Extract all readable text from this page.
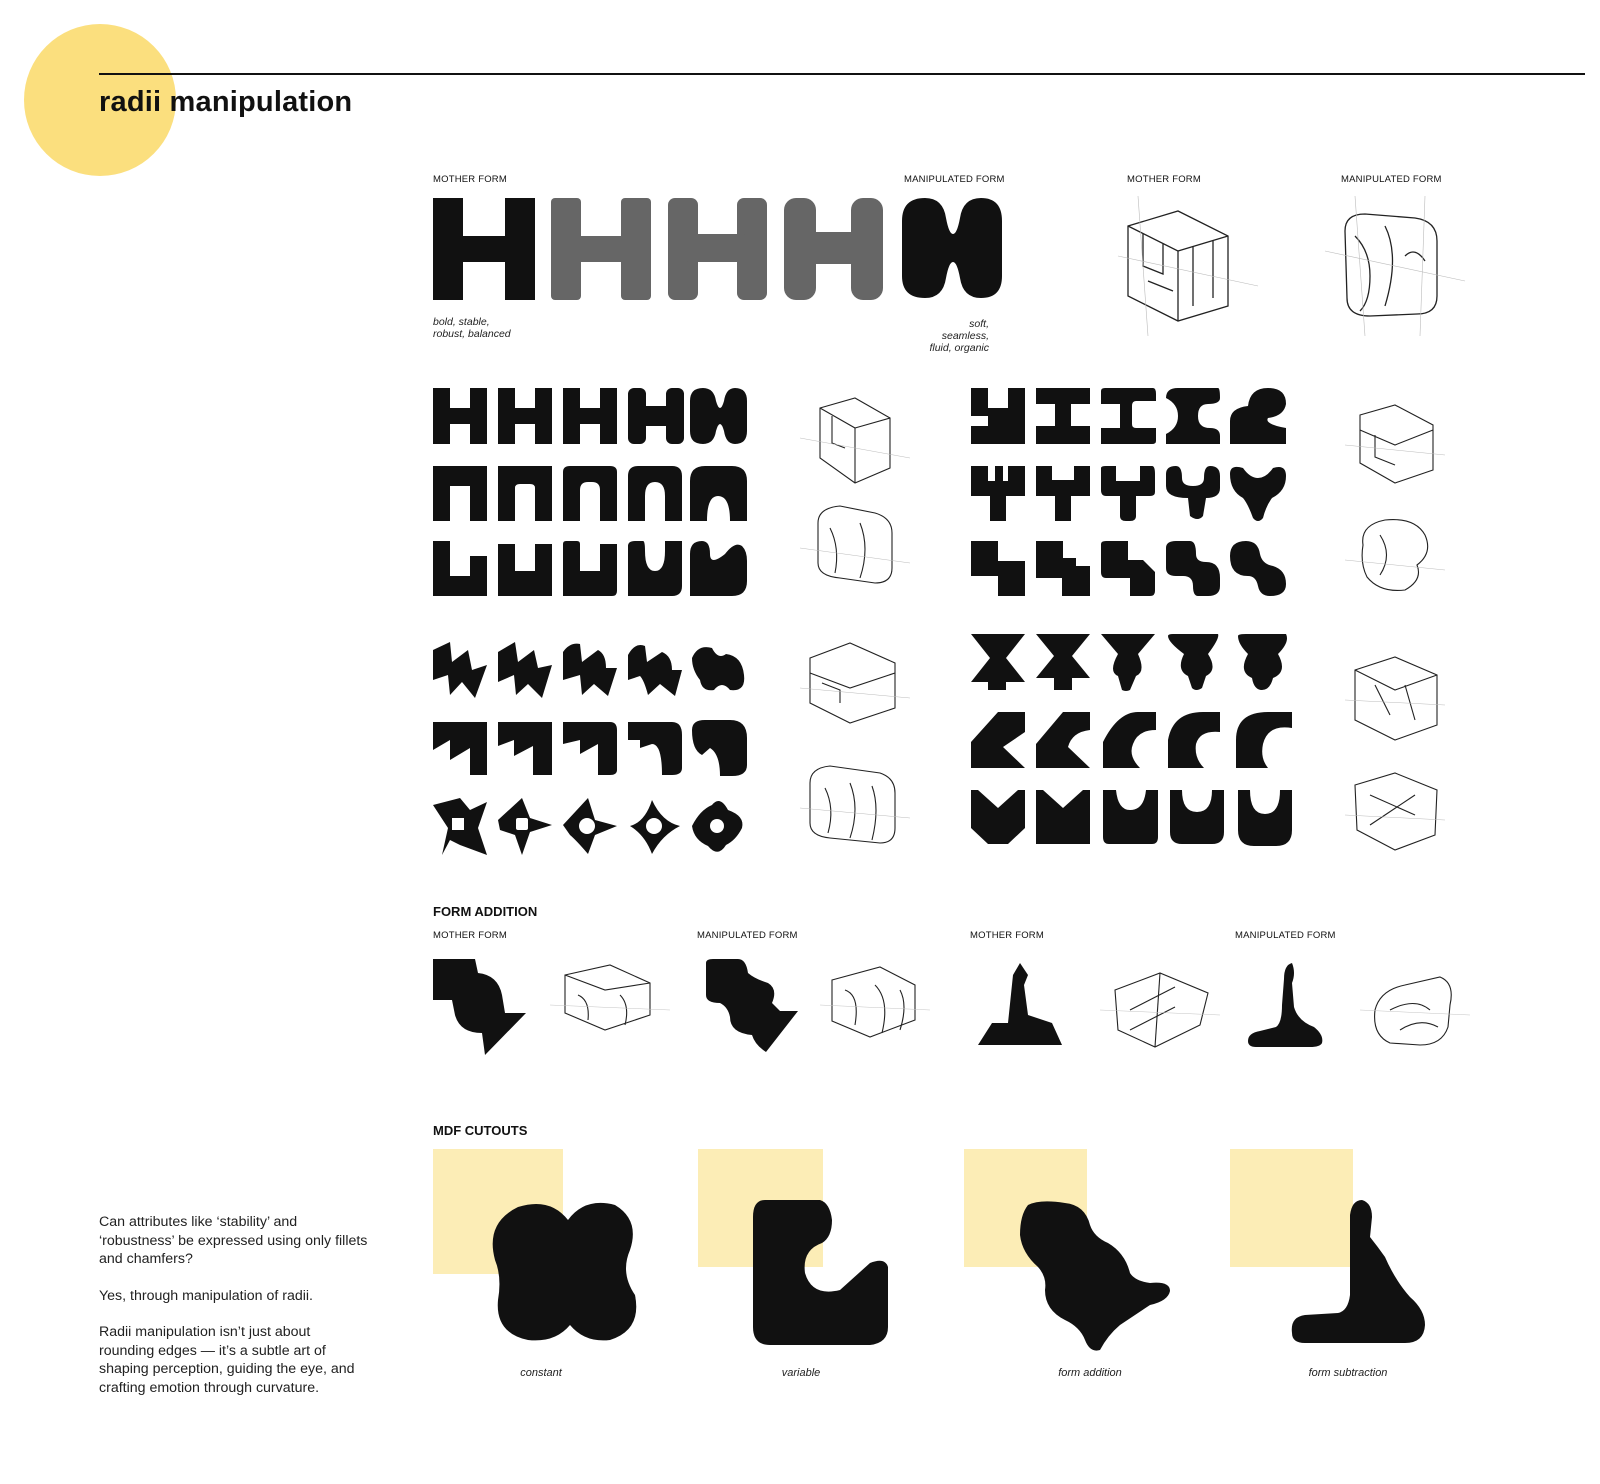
radii manipulation
MOTHER FORM	MANIPULATED FORM	MOTHER FORM	MANIPULATED FORM
bold, stable,
robust, balanced
soft, seamless,
fluid, organic
FORM ADDITION
MOTHER FORM	MANIPULATED FORM	MOTHER FORM	MANIPULATED FORM
MDF CUTOUTS
constant	variable	form addition	form subtraction

Can attributes like ‘stability’ and ‘robustness’ be expressed using only fillets and chamfers?

Yes, through manipulation of radii.

Radii manipulation isn’t just about rounding edges — it’s a subtle art of shaping perception, guiding the eye, and crafting emotion through curvature.
